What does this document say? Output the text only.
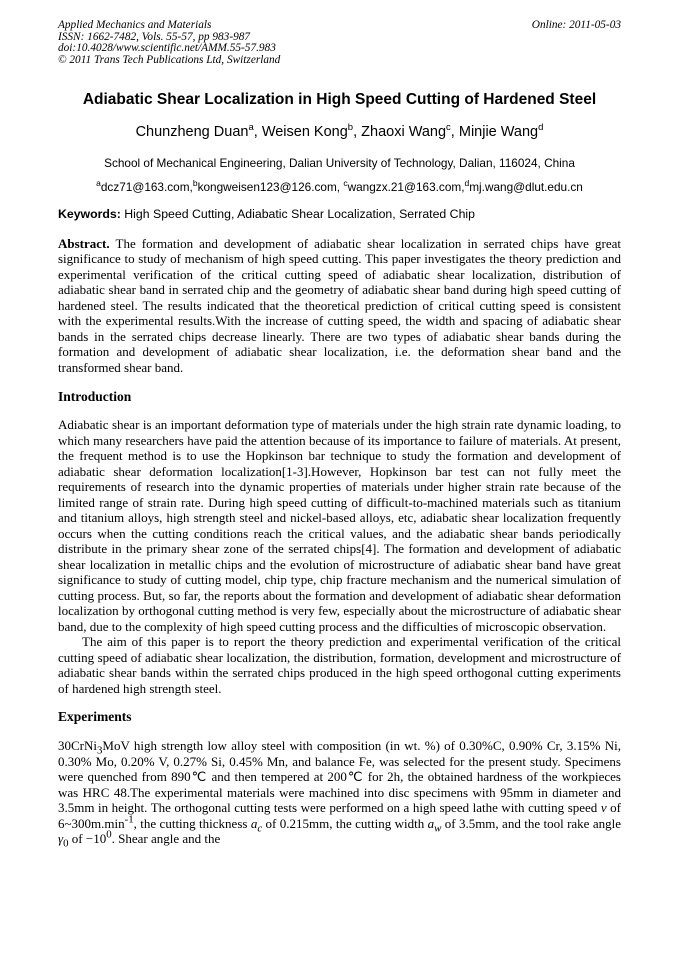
Applied Mechanics and Materials
ISSN: 1662-7482, Vols. 55-57, pp 983-987
doi:10.4028/www.scientific.net/AMM.55-57.983
© 2011 Trans Tech Publications Ltd, Switzerland
Online: 2011-05-03
Adiabatic Shear Localization in High Speed Cutting of Hardened Steel
Chunzheng Duan$^a$, Weisen Kong$^b$, Zhaoxi Wang$^c$, Minjie Wang$^d$
School of Mechanical Engineering, Dalian University of Technology, Dalian, 116024, China
$^a$dcz71@163.com,$^b$kongweisen123@126.com, $^c$wangzx.21@163.com,$^d$mj.wang@dlut.edu.cn
Keywords: High Speed Cutting, Adiabatic Shear Localization, Serrated Chip

Abstract. The formation and development of adiabatic shear localization in serrated chips have great significance to study of mechanism of high speed cutting. This paper investigates the theory prediction and experimental verification of the critical cutting speed of adiabatic shear localization, distribution of adiabatic shear band in serrated chip and the geometry of adiabatic shear band during high speed cutting of hardened steel. The results indicated that the theoretical prediction of critical cutting speed is consistent with the experimental results.With the increase of cutting speed, the width and spacing of adiabatic shear bands in the serrated chips decrease linearly. There are two types of adiabatic shear bands during the formation and development of adiabatic shear localization, i.e. the deformation shear band and the transformed shear band.

Introduction

Adiabatic shear is an important deformation type of materials under the high strain rate dynamic loading, to which many researchers have paid the attention because of its importance to failure of materials. At present, the frequent method is to use the Hopkinson bar technique to study the formation and development of adiabatic shear deformation localization[1-3].However, Hopkinson bar test can not fully meet the requirements of research into the dynamic properties of materials under higher strain rate because of the limited range of strain rate. During high speed cutting of difficult-to-machined materials such as titanium and titanium alloys, high strength steel and nickel-based alloys, etc, adiabatic shear localization frequently occurs when the cutting conditions reach the critical values, and the adiabatic shear bands periodically distribute in the primary shear zone of the serrated chips[4]. The formation and development of adiabatic shear localization in metallic chips and the evolution of microstructure of adiabatic shear band have great significance to study of cutting model, chip type, chip fracture mechanism and the numerical simulation of cutting process. But, so far, the reports about the formation and development of adiabatic shear deformation localization by orthogonal cutting method is very few, especially about the microstructure of adiabatic shear band, due to the complexity of high speed cutting process and the difficulties of microscopic observation.

The aim of this paper is to report the theory prediction and experimental verification of the critical cutting speed of adiabatic shear localization, the distribution, formation, development and microstructure of adiabatic shear bands within the serrated chips produced in the high speed orthogonal cutting experiments of hardened high strength steel.

Experiments

30CrNi$_3$MoV high strength low alloy steel with composition (in wt. %) of 0.30%C, 0.90% Cr, 3.15% Ni, 0.30% Mo, 0.20% V, 0.27% Si, 0.45% Mn, and balance Fe, was selected for the present study. Specimens were quenched from 890℃ and then tempered at 200℃ for 2h, the obtained hardness of the workpieces was HRC 48.The experimental materials were machined into disc specimens with 95mm in diameter and 3.5mm in height. The orthogonal cutting tests were performed on a high speed lathe with cutting speed v of $6\sim 300m.\min^{-1}$, the cutting thickness $a_c$ of 0.215mm, the cutting width $a_w$ of 3.5mm, and the tool rake angle $\gamma_0$ of $-10^0$. Shear angle and the
